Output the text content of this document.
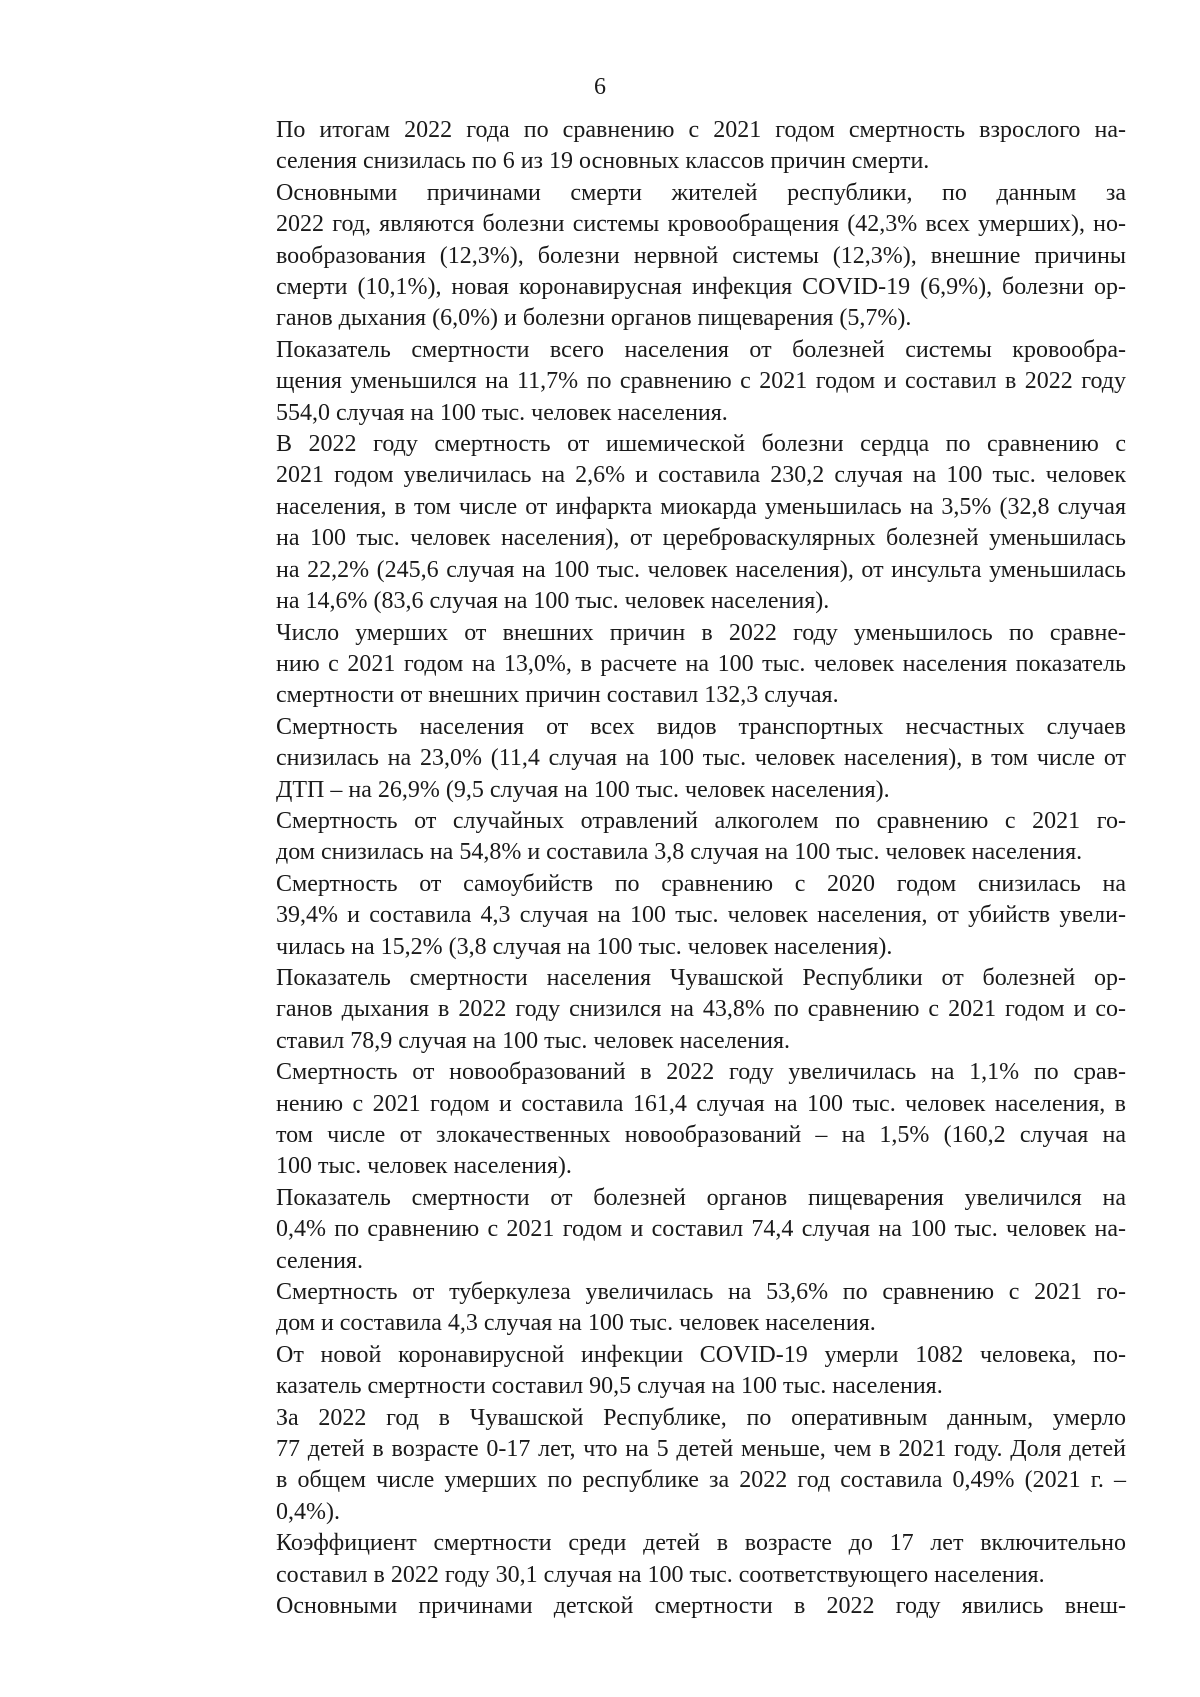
6

По итогам 2022 года по сравнению с 2021 годом смертность взрослого на-
селения снизилась по 6 из 19 основных классов причин смерти.

Основными причинами смерти жителей республики, по данным за
2022 год, являются болезни системы кровообращения (42,3% всех умерших), но-
вообразования (12,3%), болезни нервной системы (12,3%), внешние причины
смерти (10,1%), новая коронавирусная инфекция COVID-19 (6,9%), болезни ор-
ганов дыхания (6,0%) и болезни органов пищеварения (5,7%).

Показатель смертности всего населения от болезней системы кровообра-
щения уменьшился на 11,7% по сравнению с 2021 годом и составил в 2022 году
554,0 случая на 100 тыс. человек населения.

В 2022 году смертность от ишемической болезни сердца по сравнению с
2021 годом увеличилась на 2,6% и составила 230,2 случая на 100 тыс. человек
населения, в том числе от инфаркта миокарда уменьшилась на 3,5% (32,8 случая
на 100 тыс. человек населения), от цереброваскулярных болезней уменьшилась
на 22,2% (245,6 случая на 100 тыс. человек населения), от инсульта уменьшилась
на 14,6% (83,6 случая на 100 тыс. человек населения).

Число умерших от внешних причин в 2022 году уменьшилось по сравне-
нию с 2021 годом на 13,0%, в расчете на 100 тыс. человек населения показатель
смертности от внешних причин составил 132,3 случая.

Смертность населения от всех видов транспортных несчастных случаев
снизилась на 23,0% (11,4 случая на 100 тыс. человек населения), в том числе от
ДТП – на 26,9% (9,5 случая на 100 тыс. человек населения).

Смертность от случайных отравлений алкоголем по сравнению с 2021 го-
дом снизилась на 54,8% и составила 3,8 случая на 100 тыс. человек населения.

Смертность от самоубийств по сравнению с 2020 годом снизилась на
39,4% и составила 4,3 случая на 100 тыс. человек населения, от убийств увели-
чилась на 15,2% (3,8 случая на 100 тыс. человек населения).

Показатель смертности населения Чувашской Республики от болезней ор-
ганов дыхания в 2022 году снизился на 43,8% по сравнению с 2021 годом и со-
ставил 78,9 случая на 100 тыс. человек населения.

Смертность от новообразований в 2022 году увеличилась на 1,1% по срав-
нению с 2021 годом и составила 161,4 случая на 100 тыс. человек населения, в
том числе от злокачественных новообразований – на 1,5% (160,2 случая на
100 тыс. человек населения).

Показатель смертности от болезней органов пищеварения увеличился на
0,4% по сравнению с 2021 годом и составил 74,4 случая на 100 тыс. человек на-
селения.

Смертность от туберкулеза увеличилась на 53,6% по сравнению с 2021 го-
дом и составила 4,3 случая на 100 тыс. человек населения.

От новой коронавирусной инфекции COVID-19 умерли 1082 человека, по-
казатель смертности составил 90,5 случая на 100 тыс. населения.

За 2022 год в Чувашской Республике, по оперативным данным, умерло
77 детей в возрасте 0-17 лет, что на 5 детей меньше, чем в 2021 году. Доля детей
в общем числе умерших по республике за 2022 год составила 0,49% (2021 г. –
0,4%).

Коэффициент смертности среди детей в возрасте до 17 лет включительно
составил в 2022 году 30,1 случая на 100 тыс. соответствующего населения.

Основными причинами детской смертности в 2022 году явились внеш-
